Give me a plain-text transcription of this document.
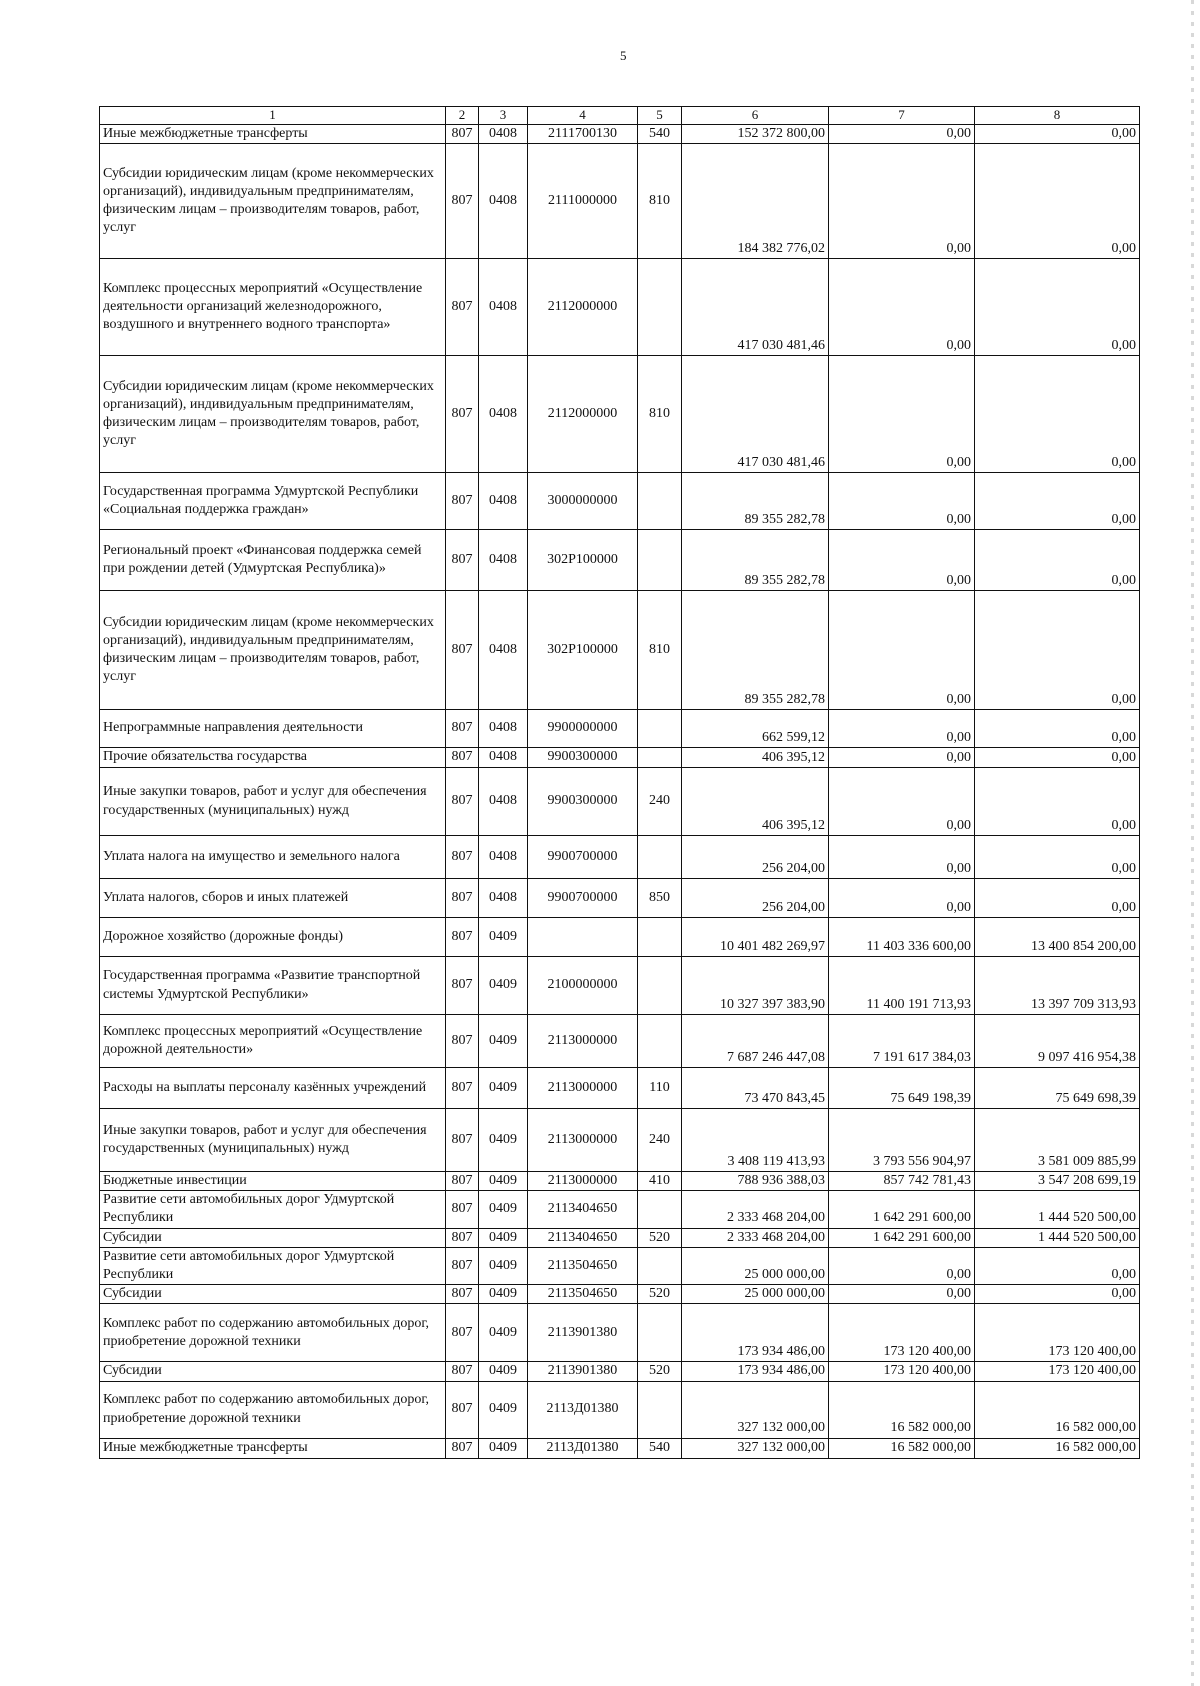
5
1	2	3	4	5	6	7	8
Иные межбюджетные трансферты	807	0408	2111700130	540	152 372 800,00	0,00	0,00
Субсидии юридическим лицам (кроме некоммерческих организаций), индивидуальным предпринимателям, физическим лицам – производителям товаров, работ, услуг	807	0408	2111000000	810	184 382 776,02	0,00	0,00
Комплекс процессных мероприятий «Осуществление деятельности организаций железнодорожного, воздушного и внутреннего водного транспорта»	807	0408	2112000000		417 030 481,46	0,00	0,00
Субсидии юридическим лицам (кроме некоммерческих организаций), индивидуальным предпринимателям, физическим лицам – производителям товаров, работ, услуг	807	0408	2112000000	810	417 030 481,46	0,00	0,00
Государственная программа Удмуртской Республики «Социальная поддержка граждан»	807	0408	3000000000		89 355 282,78	0,00	0,00
Региональный проект «Финансовая поддержка семей при рождении детей (Удмуртская Республика)»	807	0408	302P100000		89 355 282,78	0,00	0,00
Субсидии юридическим лицам (кроме некоммерческих организаций), индивидуальным предпринимателям, физическим лицам – производителям товаров, работ, услуг	807	0408	302P100000	810	89 355 282,78	0,00	0,00
Непрограммные направления деятельности	807	0408	9900000000		662 599,12	0,00	0,00
Прочие обязательства государства	807	0408	9900300000		406 395,12	0,00	0,00
Иные закупки товаров, работ и услуг для обеспечения государственных (муниципальных) нужд	807	0408	9900300000	240	406 395,12	0,00	0,00
Уплата налога на имущество и земельного налога	807	0408	9900700000		256 204,00	0,00	0,00
Уплата налогов, сборов и иных платежей	807	0408	9900700000	850	256 204,00	0,00	0,00
Дорожное хозяйство (дорожные фонды)	807	0409			10 401 482 269,97	11 403 336 600,00	13 400 854 200,00
Государственная программа «Развитие транспортной системы Удмуртской Республики»	807	0409	2100000000		10 327 397 383,90	11 400 191 713,93	13 397 709 313,93
Комплекс процессных мероприятий «Осуществление дорожной деятельности»	807	0409	2113000000		7 687 246 447,08	7 191 617 384,03	9 097 416 954,38
Расходы на выплаты персоналу казённых учреждений	807	0409	2113000000	110	73 470 843,45	75 649 198,39	75 649 698,39
Иные закупки товаров, работ и услуг для обеспечения государственных (муниципальных) нужд	807	0409	2113000000	240	3 408 119 413,93	3 793 556 904,97	3 581 009 885,99
Бюджетные инвестиции	807	0409	2113000000	410	788 936 388,03	857 742 781,43	3 547 208 699,19
Развитие сети автомобильных дорог Удмуртской Республики	807	0409	2113404650		2 333 468 204,00	1 642 291 600,00	1 444 520 500,00
Субсидии	807	0409	2113404650	520	2 333 468 204,00	1 642 291 600,00	1 444 520 500,00
Развитие сети автомобильных дорог Удмуртской Республики	807	0409	2113504650		25 000 000,00	0,00	0,00
Субсидии	807	0409	2113504650	520	25 000 000,00	0,00	0,00
Комплекс работ по содержанию автомобильных дорог, приобретение дорожной техники	807	0409	2113901380		173 934 486,00	173 120 400,00	173 120 400,00
Субсидии	807	0409	2113901380	520	173 934 486,00	173 120 400,00	173 120 400,00
Комплекс работ по содержанию автомобильных дорог, приобретение дорожной техники	807	0409	2113Д01380		327 132 000,00	16 582 000,00	16 582 000,00
Иные межбюджетные трансферты	807	0409	2113Д01380	540	327 132 000,00	16 582 000,00	16 582 000,00
